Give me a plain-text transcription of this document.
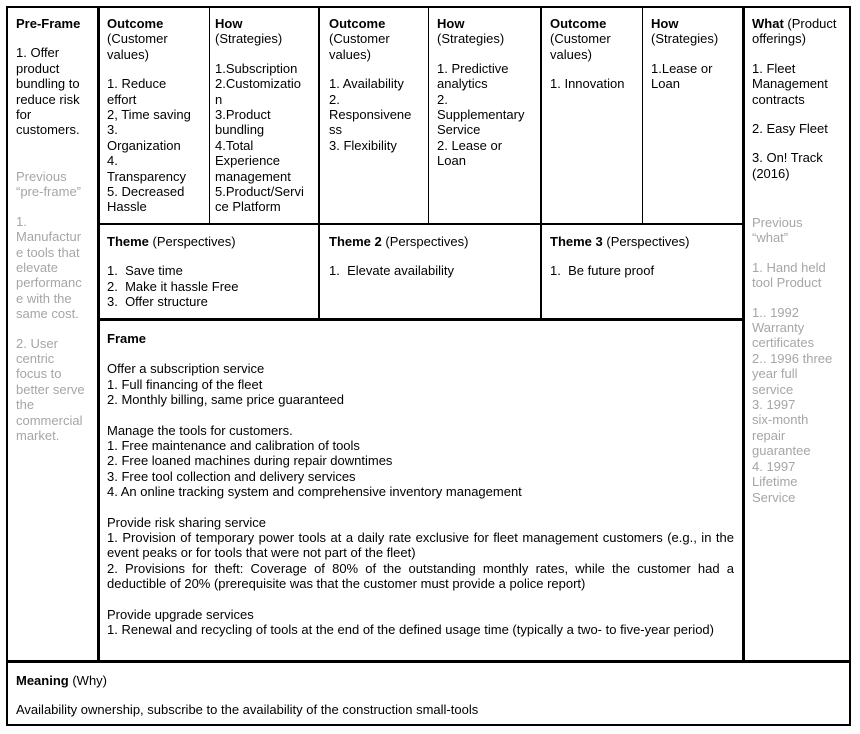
Pre-Frame
1. Offer
product
bundling to
reduce risk
for
customers.
Previous
“pre-frame”
1.
Manufactur
e tools that
elevate
performanc
e with the
same cost.
2. User
centric
focus to
better serve
the
commercial
market.
Outcome
(Customer
values)
1. Reduce
effort
2, Time saving
3.
Organization
4.
Transparency
5. Decreased
Hassle
How
(Strategies)
1.Subscription
2.Customizatio
n
3.Product
bundling
4.Total
Experience
management
5.Product/Servi
ce Platform
Outcome
(Customer
values)
1. Availability
2.
Responsivene
ss
3. Flexibility
How
(Strategies)
1. Predictive
analytics
2.
Supplementary
Service
2. Lease or
Loan
Outcome
(Customer
values)
1. Innovation
How
(Strategies)
1.Lease or
Loan
What (Product
offerings)
1. Fleet
Management
contracts
2. Easy Fleet
3. On! Track
(2016)
Previous
“what”
1. Hand held
tool Product
1.. 1992
Warranty
certificates
2.. 1996 three
year full
service
3. 1997
six-month
repair
guarantee
4. 1997
Lifetime
Service
Theme (Perspectives)
1.  Save time
2.  Make it hassle Free
3.  Offer structure
Theme 2 (Perspectives)
1.  Elevate availability
Theme 3 (Perspectives)
1.  Be future proof
Frame
Offer a subscription service
1. Full financing of the fleet
2. Monthly billing, same price guaranteed
Manage the tools for customers.
1. Free maintenance and calibration of tools
2. Free loaned machines during repair downtimes
3. Free tool collection and delivery services
4. An online tracking system and comprehensive inventory management
Provide risk sharing service
1. Provision of temporary power tools at a daily rate exclusive for fleet management customers (e.g., in the event peaks or for tools that were not part of the fleet)
2. Provisions for theft: Coverage of 80% of the outstanding monthly rates, while the customer had a deductible of 20% (prerequisite was that the customer must provide a police report)
Provide upgrade services
1. Renewal and recycling of tools at the end of the defined usage time (typically a two- to five-year period)
Meaning (Why)
Availability ownership, subscribe to the availability of the construction small-tools
